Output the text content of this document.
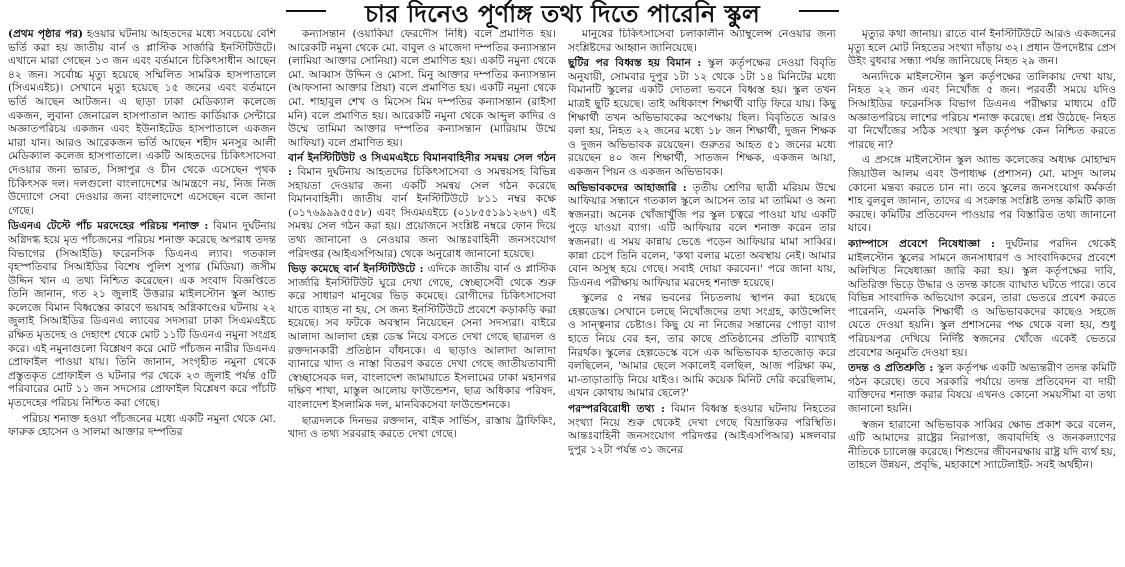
চার দিনেও পূর্ণাঙ্গ তথ্য দিতে পারেনি স্কুল

(প্রথম পৃষ্ঠার পর) হওয়ার ঘটনায় আহতদের মধ্যে সবচেয়ে বেশি ভর্তি করা হয় জাতীয় বার্ন ও প্লাস্টিক সার্জারি ইনস্টিটিউটে। এখানে মারা গেছেন ১৩ জন এবং বর্তমানে চিকিৎসাধীন আছেন ৪২ জন। সর্বোচ্চ মৃত্যু হয়েছে সম্মিলিত সামরিক হাসপাতালে (সিএমএইচ)। সেখানে মৃত্যু হয়েছে ১৫ জনের এবং বর্তমানে ভর্তি আছেন আটজন। এ ছাড়া ঢাকা মেডিক্যাল কলেজে একজন, লুবানা জেনারেল হাসপাতাল অ্যান্ড কার্ডিয়াক সেন্টারে অজ্ঞাতপরিচয় একজন এবং ইউনাইটেড হাসপাতালে একজন মারা যান। আরও আরেকজন ভর্তি আছেন শহীদ মনসুর আলী মেডিক্যাল কলেজ হাসপাতালে। একটি আহতদের চিকিৎসাসেবা দেওয়ার জন্য ভারত, সিঙ্গাপুর ও চীন থেকে এসেছেন পৃথক চিকিৎসক দল। দলগুলো বাংলাদেশের আমন্ত্রণে নয়, নিজ নিজ উদ্যোগে সেবা দেওয়ার জন্য বাংলাদেশে এসেছেন বলে জানা গেছে।

ডিএনএ টেস্টে পাঁচ মরদেহের পরিচয় শনাক্ত : বিমান দুর্ঘটনায় অগ্নিদগ্ধ হয়ে মৃত পাঁচজনের পরিচয় শনাক্ত করেছে অপরাধ তদন্ত বিভাগের (সিআইডি) ফরেনসিক ডিএনএ ল্যাব। গতকাল বৃহস্পতিবার সিআইডির বিশেষ পুলিশ সুপার (মিডিয়া) জসীম উদ্দিন খান এ তথ্য নিশ্চিত করেছেন। এক সংবাদ বিজ্ঞপ্তিতে তিনি জানান, গত ২১ জুলাই উত্তরার মাইলস্টোন স্কুল অ্যান্ড কলেজে বিমান বিধ্বস্তের কারণে ভয়াবহ অগ্নিকাণ্ডের ঘটনায় ২২ জুলাই সিআইডির ডিএনএ ল্যাবের সদস্যরা ঢাকা সিএমএইচে রক্ষিত মৃতদেহ ও দেহাংশ থেকে মোট ১১টি ডিএনএ নমুনা সংগ্রহ করে। এই নমুনাগুলো বিশ্লেষণ করে মোট পাঁচজন নারীর ডিএনএ প্রোফাইল পাওয়া যায়। তিনি জানান, সংগৃহীত নমুনা থেকে প্রস্তুতকৃত প্রোফাইল ও ঘটনার পর থেকে ২৩ জুলাই পর্যন্ত ৫টি পরিবারের মোট ১১ জন সদস্যের প্রোফাইল বিশ্লেষণ করে পাঁচটি মৃতদেহের পরিচয় নিশ্চিত করা গেছে।

পরিচয় শনাক্ত হওয়া পাঁচজনের মধ্যে একটি নমুনা থেকে মো. ফারুক হোসেন ও সালমা আক্তার দম্পতির

কন্যাসন্তান (ওয়াকিয়া ফেরদৌস নিধি) বলে প্রমাণিত হয়। আরেকটি নমুনা থেকে মো. বাবুল ও মাজেদা দম্পতির কন্যাসন্তান (লামিয়া আক্তার সোনিয়া) বলে প্রমাণিত হয়। একটি নমুনা থেকে মো. আব্বাস উদ্দিন ও মোসা. মিনু আক্তার দম্পতির কন্যাসন্তান (আফসানা আক্তার প্রিয়া) বলে প্রমাণিত হয়। একটি নমুনা থেকে মো. শাহাবুল শেখ ও মিসেস মিম দম্পতির কন্যাসন্তান (রাইসা মনি) বলে প্রমাণিত হয়। আরেকটি নমুনা থেকে আব্দুল কাদির ও উম্মে তামিমা আক্তার দম্পতির কন্যাসন্তান (মারিয়াম উম্মে আফিয়া) বলে প্রমাণিত হয়।

বার্ন ইনস্টিটিউট ও সিএমএইচে বিমানবাহিনীর সমন্বয় সেল গঠন : বিমান দুর্ঘটনায় আহতদের চিকিৎসাসেবা ও সমন্বয়সহ বিভিন্ন সহায়তা দেওয়ার জন্য একটি সমন্বয় সেল গঠন করেছে বিমানবাহিনী। জাতীয় বার্ন ইনস্টিটিউটে ৮১১ নম্বর কক্ষে (০১৭৬৯৯৯৫৫৫৮) এবং সিএমএইচে (০১৮৫৫১৯১২৬৭) এই সমন্বয় সেল গঠন করা হয়। প্রয়োজনে সংশ্লিষ্ট নম্বরে ফোন দিয়ে তথ্য জানানো ও নেওয়ার জন্য আন্তঃবাহিনী জনসংযোগ পরিদপ্তর (আইএসপিআর) থেকে অনুরোধ জানানো হয়েছে।

ভিড় কমেছে বার্ন ইনস্টিটিউটে : এদিকে জাতীয় বার্ন ও প্লাস্টিক সার্জারি ইনস্টিটিউট ঘুরে দেখা গেছে, স্বেচ্ছাসেবী থেকে শুরু করে সাধারণ মানুষের ভিড় কমেছে। রোগীদের চিকিৎসাসেবা যাতে ব্যাহত না হয়, সে জন্য ইনস্টিটিউটে প্রবেশে কড়াকড়ি করা হয়েছে। সব ফটকে অবস্থান নিয়েছেন সেনা সদস্যরা। বাইরে আলাদা আলাদা হেল্প ডেস্ক নিয়ে বসতে দেখা গেছে ছাত্রদল ও রক্তদানকারী প্রতিষ্ঠান বাঁধনকে। এ ছাড়াও আলাদা আলাদা ব্যানারে খাদ্য ও নাস্তা বিতরণ করতে দেখা গেছে জাতীয়তাবাদী স্বেচ্ছাসেবক দল, বাংলাদেশ জামায়াতে ইসলামের ঢাকা মহানগর দক্ষিণ শাখা, মাস্তুল আলোয় ফাউন্ডেশন, ছাত্র অধিকার পরিষদ, বাংলাদেশ ইসলামিক দল, মানবিকসেবা ফাউন্ডেশনকে।

ছাত্রদলকে দিনভর রক্তদান, বাইক সার্ভিস, রাস্তায় ট্রাফিকিং, খাদ্য ও তথ্য সরবরাহ করতে দেখা গেছে।

মানুষের চিকিৎসাসেবা চলাকালীন অ্যাম্বুলেন্স নেওয়ার জন্য সংশ্লিষ্টদের আহ্বান জানিয়েছে।

ছুটির পর বিধ্বস্ত হয় বিমান : স্কুল কর্তৃপক্ষের দেওয়া বিবৃতি অনুযায়ী, সোমবার দুপুর ১টা ১২ থেকে ১টা ১৪ মিনিটের মধ্যে বিমানটি স্কুলের একটি দোতলা ভবনে বিধ্বস্ত হয়। স্কুল তখন মাত্রই ছুটি হয়েছে। তাই অধিকাংশ শিক্ষার্থী বাড়ি ফিরে যায়। কিছু শিক্ষার্থী তখন অভিভাবকের অপেক্ষায় ছিল। বিবৃতিতে আরও বলা হয়, নিহত ২২ জনের মধ্যে ১৮ জন শিক্ষার্থী, দুজন শিক্ষক ও দুজন অভিভাবক রয়েছেন। গুরুতর আহত ৫১ জনের মধ্যে রয়েছেন ৪০ জন শিক্ষার্থী, সাতজন শিক্ষক, একজন আয়া, একজন পিয়ন ও একজন অভিভাবক।

অভিভাবকদের আহাজারি : তৃতীয় শ্রেণির ছাত্রী মরিয়ম উম্মে আফিয়ার সন্ধানে গতকাল স্কুলে আসেন তার মা তামিমা ও অন্য স্বজনরা। অনেক খোঁজাখুঁজি পর স্কুল চত্বরে পাওয়া যায় একটি পুড়ে যাওয়া ব্যাগ। এটি আফিয়ার বলে শনাক্ত করেন তার স্বজনরা। এ সময় কান্নায় ভেঙে পড়েন আফিয়ার মামা সাব্বির। কান্না চেপে তিনি বলেন, 'কথা বলার মতো অবস্থায় নেই। আমার বোন অসুস্থ হয়ে গেছে। সবাই দোয়া করবেন।' পরে জানা যায়, ডিএনএ পরীক্ষায় আফিয়ার মরদেহ শনাক্ত হয়েছে।

স্কুলের ৫ নম্বর ভবনের নিচতলায় স্থাপন করা হয়েছে হেল্পডেস্ক। সেখানে চলছে নিখোঁজদের তথ্য সংগ্রহ, কাউন্সেলিং ও সান্ত্বনার চেষ্টাও। কিছু যে না নিজের সন্তানের পোড়া ব্যাগ হাতে নিয়ে বের হন, তার কাছে প্রতিষ্ঠানের প্রতিটি ব্যাখ্যাই নিরর্থক। স্কুলের হেল্পডেস্কে বসে এক অভিভাবক হাতজোড় করে বলছিলেন, 'আমার ছেলে সকালেই বলছিল, আজ পরিক্ষা কম, মা-তাড়াতাড়ি নিয়ে যাইও। আমি কয়েক মিনিট দেরি করেছিলাম, এখন কোথায় আমার ছেলে?'

পরস্পরবিরোধী তথ্য : বিমান বিধ্বস্ত হওয়ার ঘটনায় নিহতের সংখ্যা নিয়ে শুরু থেকেই দেখা গেছে বিভ্রান্তিকর পরিস্থিতি। আন্তঃবাহিনী জনসংযোগ পরিদপ্তর (আইএসপিআর) মঙ্গলবার দুপুর ১২টা পর্যন্ত ৩১ জনের

মৃত্যুর কথা জানায়। রাতে বার্ন ইনস্টিটিউটে আরও একজনের মৃত্যু হলে মোট নিহতের সংখ্যা দাঁড়ায় ৩২। প্রধান উপদেষ্টার প্রেস উইং বুধবার সন্ধ্যা পর্যন্ত জানিয়েছে নিহত ২৯ জন।

অন্যদিকে মাইলস্টোন স্কুল কর্তৃপক্ষের তালিকায় দেখা যায়, নিহত ২২ জন এবং নিখোঁজ ৫ জন। পরবর্তী সময়ে যদিও সিআইডির ফরেনসিক বিভাগ ডিএনএ পরীক্ষার মাধ্যমে ৫টি অজ্ঞাতপরিচয় লাশের পরিচয় শনাক্ত করেছে। প্রশ্ন উঠেছে- নিহত বা নিখোঁজের সঠিক সংখ্যা স্কুল কর্তৃপক্ষ কেন নিশ্চিত করতে পারছে না?

এ প্রসঙ্গে মাইলস্টোন স্কুল অ্যান্ড কলেজের অধ্যক্ষ মোহাম্মদ জিয়াউল আলম এবং উপাধ্যক্ষ (প্রশাসন) মো. মাসুদ আলম কোনো মন্তব্য করতে চান না। তবে স্কুলের জনসংযোগ কর্মকর্তা শাহ বুলবুল জানান, তাদের এ সংক্রান্ত সংশ্লিষ্ট তদন্ত কমিটি কাজ করছে। কমিটির প্রতিবেদন পাওয়ার পর বিস্তারিত তথ্য জানানো যাবে।

ক্যাম্পাসে প্রবেশে নিষেধাজ্ঞা : দুর্ঘটনার পরদিন থেকেই মাইলস্টোন স্কুলের সামনে জনসাধারণ ও সাংবাদিকদের প্রবেশে অলিখিত নিষেধাজ্ঞা জারি করা হয়। স্কুল কর্তৃপক্ষের দাবি, অতিরিক্ত ভিড়ে উদ্ধার ও তদন্ত কাজে ব্যাঘাত ঘটতে পারে। তবে বিভিন্ন সাংবাদিক অভিযোগ করেন, তারা ভেতরে প্রবেশ করতে পারেননি, এমনকি শিক্ষার্থী ও অভিভাবকদের কাছেও সহজে যেতে দেওয়া হয়নি। স্কুল প্রশাসনের পক্ষ থেকে বলা হয়, শুধু পরিচয়পত্র দেখিয়ে নির্দিষ্ট স্বজনের খোঁজে একেই ভেতরে প্রবেশের অনুমতি দেওয়া হয়।

তদন্ত ও প্রতিশ্রুতি : স্কুল কর্তৃপক্ষ একটি অভ্যন্তরীণ তদন্ত কমিটি গঠন করেছে। তবে সরকারি পর্যায়ে তদন্ত প্রতিবেদন বা দায়ী ব্যক্তিদের শনাক্ত করার বিষয়ে এখনও কোনো সময়সীমা বা তথ্য জানানো হয়নি।

স্বজন হারানো অভিভাবক সাব্বির ক্ষোভ প্রকাশ করে বলেন, এটি আমাদের রাষ্ট্রের নিরাপত্তা, জবাবদিহি ও জনকল্যাণের নীতিকে চ্যালেঞ্জ করেছে। শিশুদের জীবনরক্ষায় রাষ্ট্র যদি ব্যর্থ হয়, তাহলে উন্নয়ন, প্রবৃদ্ধি, মহাকাশে স্যাটেলাইট- সবই অর্থহীন।
